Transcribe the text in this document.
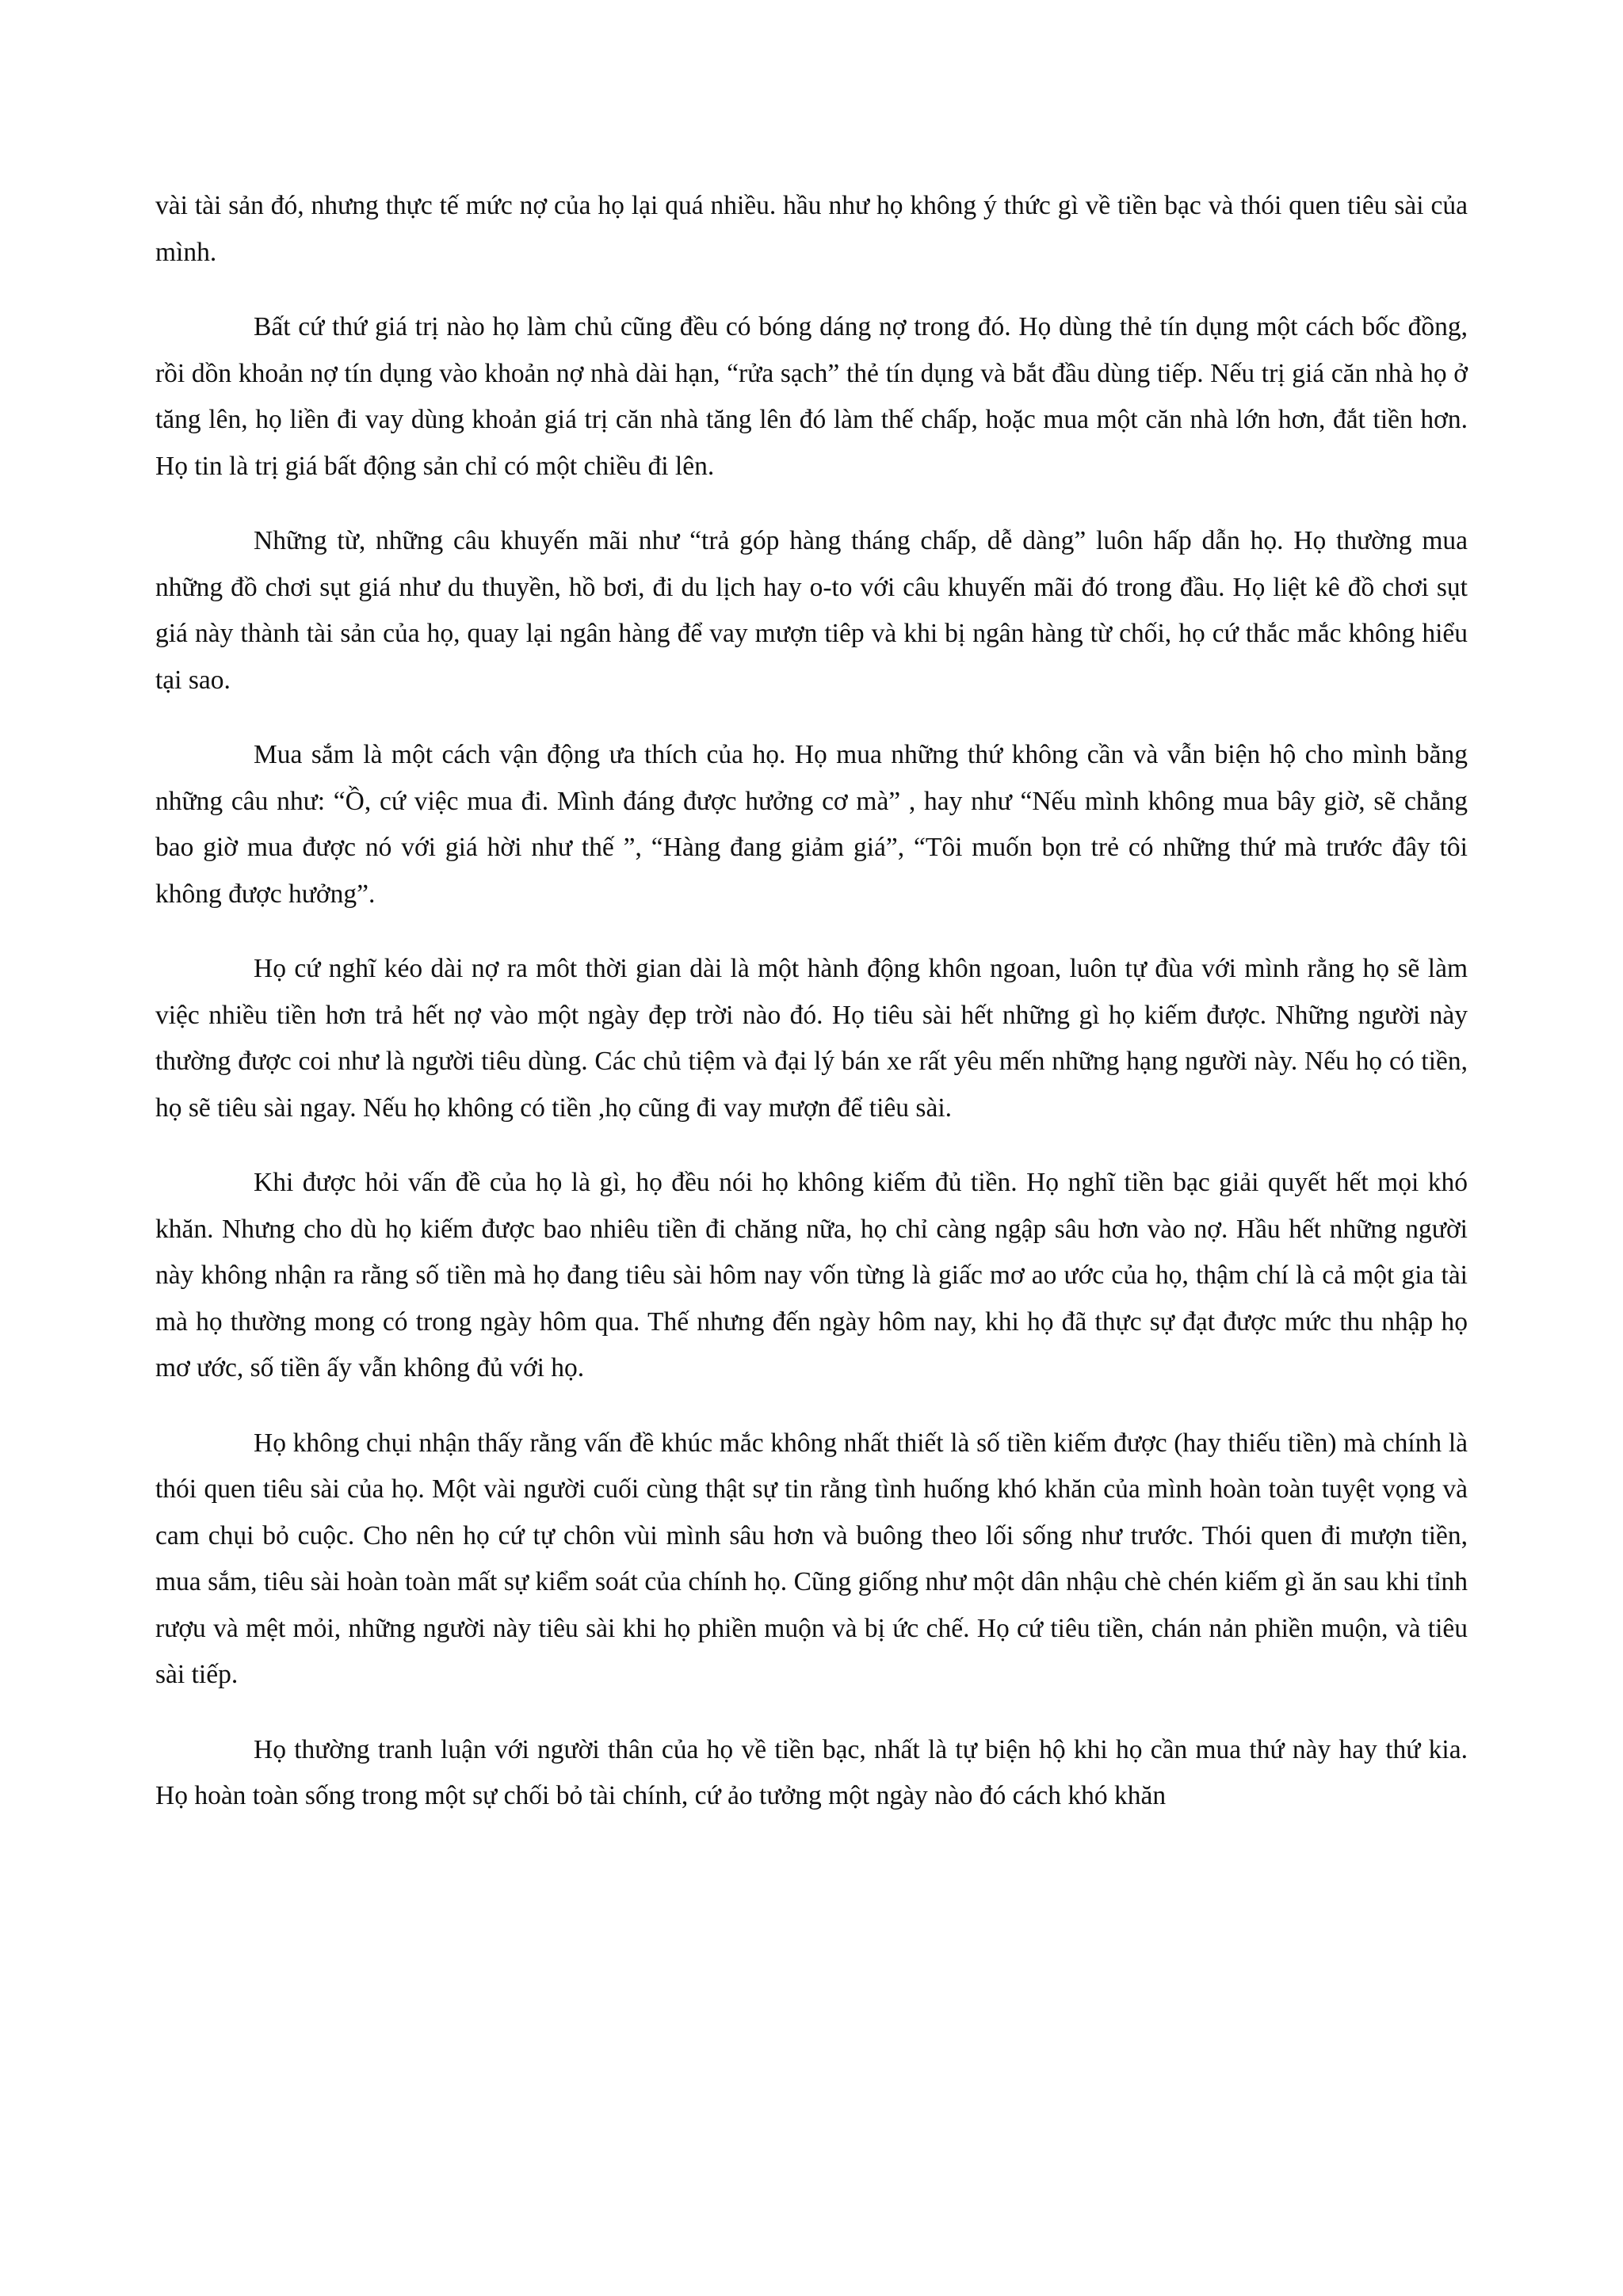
vài tài sản đó, nhưng thực tế mức nợ của họ lại quá nhiều. hầu như họ không ý thức gì về tiền bạc và thói quen tiêu sài của mình.

Bất cứ thứ giá trị nào họ làm chủ cũng đều có bóng dáng nợ trong đó. Họ dùng thẻ tín dụng một cách bốc đồng, rồi dồn khoản nợ tín dụng vào khoản nợ nhà dài hạn, “rửa sạch” thẻ tín dụng và bắt đầu dùng tiếp. Nếu trị giá căn nhà họ ở tăng lên, họ liền đi vay dùng khoản giá trị căn nhà tăng lên đó làm thế chấp, hoặc mua một căn nhà lớn hơn, đắt tiền hơn. Họ tin là trị giá bất động sản chỉ có một chiều đi lên.

Những từ, những câu khuyến mãi như “trả góp hàng tháng chấp, dễ dàng” luôn hấp dẫn họ. Họ thường mua những đồ chơi sụt giá như du thuyền, hồ bơi, đi du lịch hay o-to với câu khuyến mãi đó trong đầu. Họ liệt kê đồ chơi sụt giá này thành tài sản của họ, quay lại ngân hàng để vay mượn tiêp và khi bị ngân hàng từ chối, họ cứ thắc mắc không hiểu tại sao.

Mua sắm là một cách vận động ưa thích của họ. Họ mua những thứ không cần và vẫn biện hộ cho mình bằng những câu như: “Ồ, cứ việc mua đi. Mình đáng được hưởng cơ mà” , hay như “Nếu mình không mua bây giờ, sẽ chẳng bao giờ mua được nó với giá hời như thế ”, “Hàng đang giảm giá”, “Tôi muốn bọn trẻ có những thứ mà trước đây tôi không được hưởng”.

Họ cứ nghĩ kéo dài nợ ra môt thời gian dài là một hành động khôn ngoan, luôn tự đùa với mình rằng họ sẽ làm việc nhiều tiền hơn trả hết nợ vào một ngày đẹp trời nào đó. Họ tiêu sài hết những gì họ kiếm được. Những người này thường được coi như là người tiêu dùng. Các chủ tiệm và đại lý bán xe rất yêu mến những hạng người này. Nếu họ có tiền, họ sẽ tiêu sài ngay. Nếu họ không có tiền ,họ cũng đi vay mượn để tiêu sài.

Khi được hỏi vấn đề của họ là gì, họ đều nói họ không kiếm đủ tiền. Họ nghĩ tiền bạc giải quyết hết mọi khó khăn. Nhưng cho dù họ kiếm được bao nhiêu tiền đi chăng nữa, họ chỉ càng ngập sâu hơn vào nợ. Hầu hết những người này không nhận ra rằng số tiền mà họ đang tiêu sài hôm nay vốn từng là giấc mơ ao ước của họ, thậm chí là cả một gia tài mà họ thường mong có trong ngày hôm qua. Thế nhưng đến ngày hôm nay, khi họ đã thực sự đạt được mức thu nhập họ mơ ước, số tiền ấy vẫn không đủ với họ.

Họ không chụi nhận thấy rằng vấn đề khúc mắc không nhất thiết là số tiền kiếm được (hay thiếu tiền) mà chính là thói quen tiêu sài của họ. Một vài người cuối cùng thật sự tin rằng tình huống khó khăn của mình hoàn toàn tuyệt vọng và cam chụi bỏ cuộc. Cho nên họ cứ tự chôn vùi mình sâu hơn và buông theo lối sống như trước. Thói quen đi mượn tiền, mua sắm, tiêu sài hoàn toàn mất sự kiểm soát của chính họ. Cũng giống như một dân nhậu chè chén kiếm gì ăn sau khi tỉnh rượu và mệt mỏi, những người này tiêu sài khi họ phiền muộn và bị ức chế. Họ cứ tiêu tiền, chán nản phiền muộn, và tiêu sài tiếp.

Họ thường tranh luận với người thân của họ về tiền bạc, nhất là tự biện hộ khi họ cần mua thứ này hay thứ kia. Họ hoàn toàn sống trong một sự chối bỏ tài chính, cứ ảo tưởng một ngày nào đó cách khó khăn
